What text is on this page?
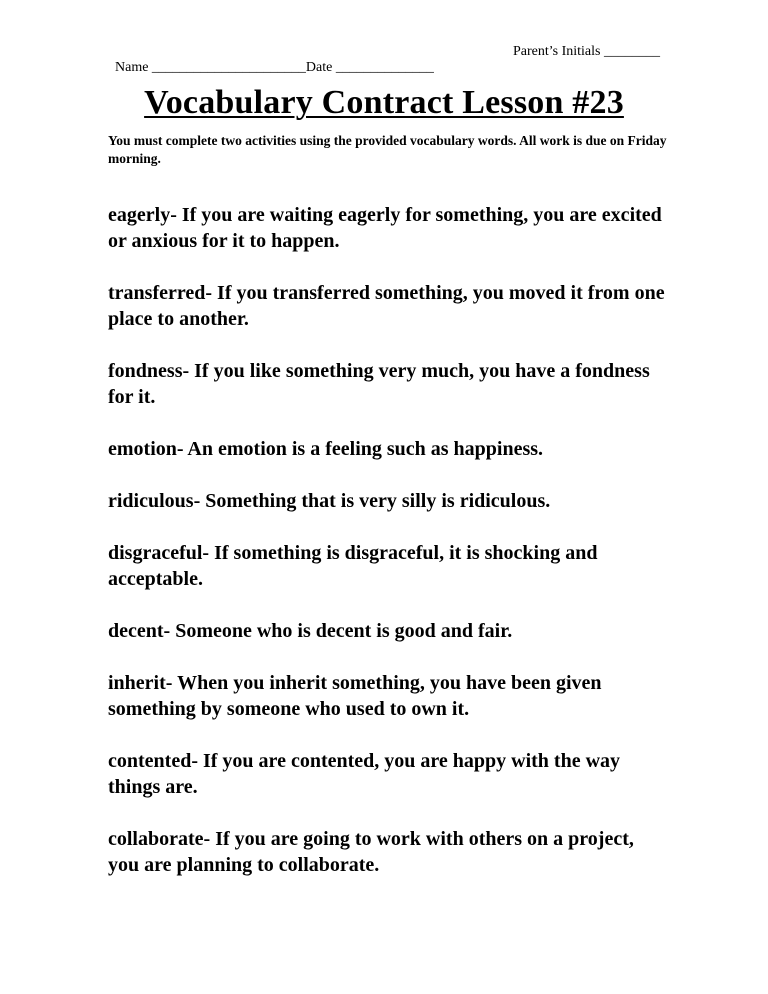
Name ______________________Date ______________

Parent’s Initials ________

Vocabulary Contract Lesson #23
You must complete two activities using the provided vocabulary words. All work is due on Friday morning.
eagerly- If you are waiting eagerly for something, you are excited or anxious for it to happen.
transferred- If you transferred something, you moved it from one place to another.
fondness- If you like something very much, you have a fondness for it.
emotion- An emotion is a feeling such as happiness.
ridiculous- Something that is very silly is ridiculous.
disgraceful- If something is disgraceful, it is shocking and acceptable.
decent- Someone who is decent is good and fair.
inherit- When you inherit something, you have been given something by someone who used to own it.
contented- If you are contented, you are happy with the way things are.
collaborate- If you are going to work with others on a project, you are planning to collaborate.
